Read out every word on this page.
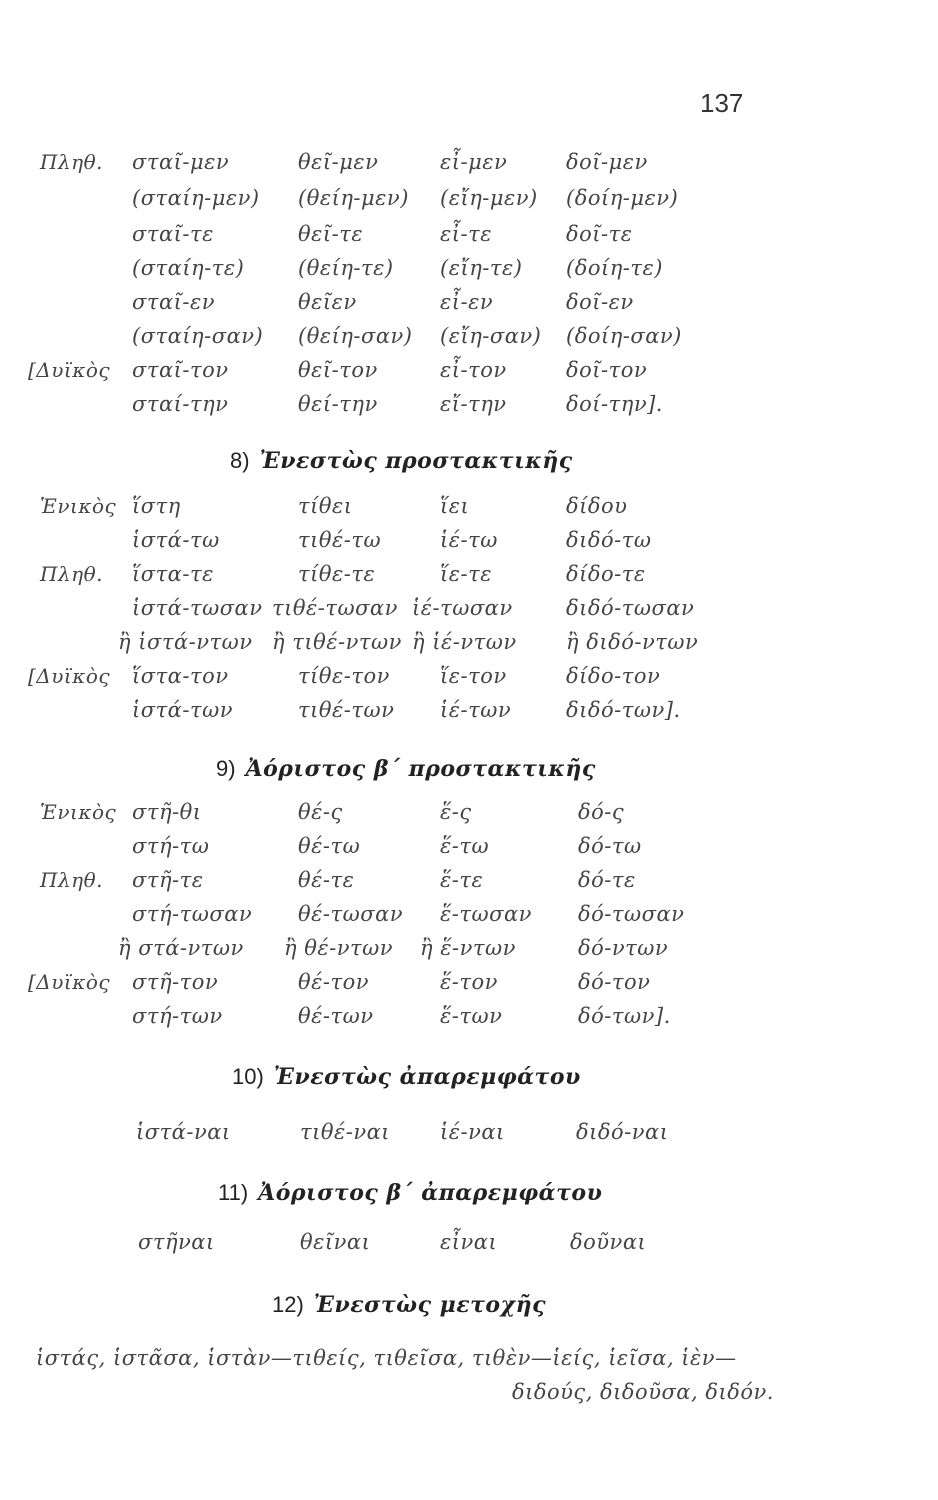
137
Πληθ. σταῖ-μεν	θεῖ-μεν	εἶ-μεν	δοῖ-μεν
(σταίη-μεν) (θείη-μεν) (εἴη-μεν) (δοίη-μεν)
σταῖ-τε	θεῖ-τε	εἶ-τε	δοῖ-τε
(σταίη-τε)	(θείη-τε) (εἴη-τε) (δοίη-τε)
σταῖ-εν	θεῖεν	εἶ-εν	δοῖ-εν
(σταίη-σαν) (θείη-σαν) (εἴη-σαν) (δοίη-σαν)
[Δυϊκὸς σταῖ-τον	θεῖ-τον	εἶ-τον	δοῖ-τον
σταί-την	θεί-την	εἴ-την	δοί-την].
8) Ἐνεστὼς προστακτικῆς
Ἑνικὸς ἵστη	τίθει	ἵει	δίδου
ἱστά-τω	τιθέ-τω	ἱέ-τω	διδό-τω
Πληθ. ἵστα-τε	τίθε-τε	ἵε-τε	δίδο-τε
ἱστά-τωσαν τιθέ-τωσαν ἱέ-τωσαν	διδό-τωσαν
ἢ ἱστά-ντων ἢ τιθέ-ντων ἢ ἱέ-ντων ἢ διδό-ντων
[Δυϊκὸς ἵστα-τον	τίθε-τον ἵε-τον	δίδο-τον
ἱστά-των	τιθέ-των ἱέ-των	διδό-των].
9) Ἀόριστος β΄ προστακτικῆς
Ἑνικὸς στῆ-θι	θέ-ς	ἕ-ς	δό-ς
στή-τω	θέ-τω	ἕ-τω	δό-τω
Πληθ. στῆ-τε	θέ-τε	ἕ-τε	δό-τε
στή-τωσαν θέ-τωσαν ἕ-τωσαν δό-τωσαν
ἢ στά-ντων ἢ θέ-ντων ἢ ἕ-ντων	δό-ντων
[Δυϊκὸς στῆ-τον	θέ-τον	ἕ-τον	δό-τον
στή-των	θέ-των	ἕ-των	δό-των].
10) Ἐνεστὼς ἀπαρεμφάτου
ἱστά-ναι	τιθέ-ναι ἱέ-ναι	διδό-ναι
11) Ἀόριστος β΄ ἀπαρεμφάτου
στῆναι	θεῖναι	εἶναι	δοῦναι
12) Ἐνεστὼς μετοχῆς
ἱστάς, ἱστᾶσα, ἱστὰν—τιθείς, τιθεῖσα, τιθὲν—ἱείς, ἱεῖσα, ἱὲν—
διδούς, διδοῦσα, διδόν.
